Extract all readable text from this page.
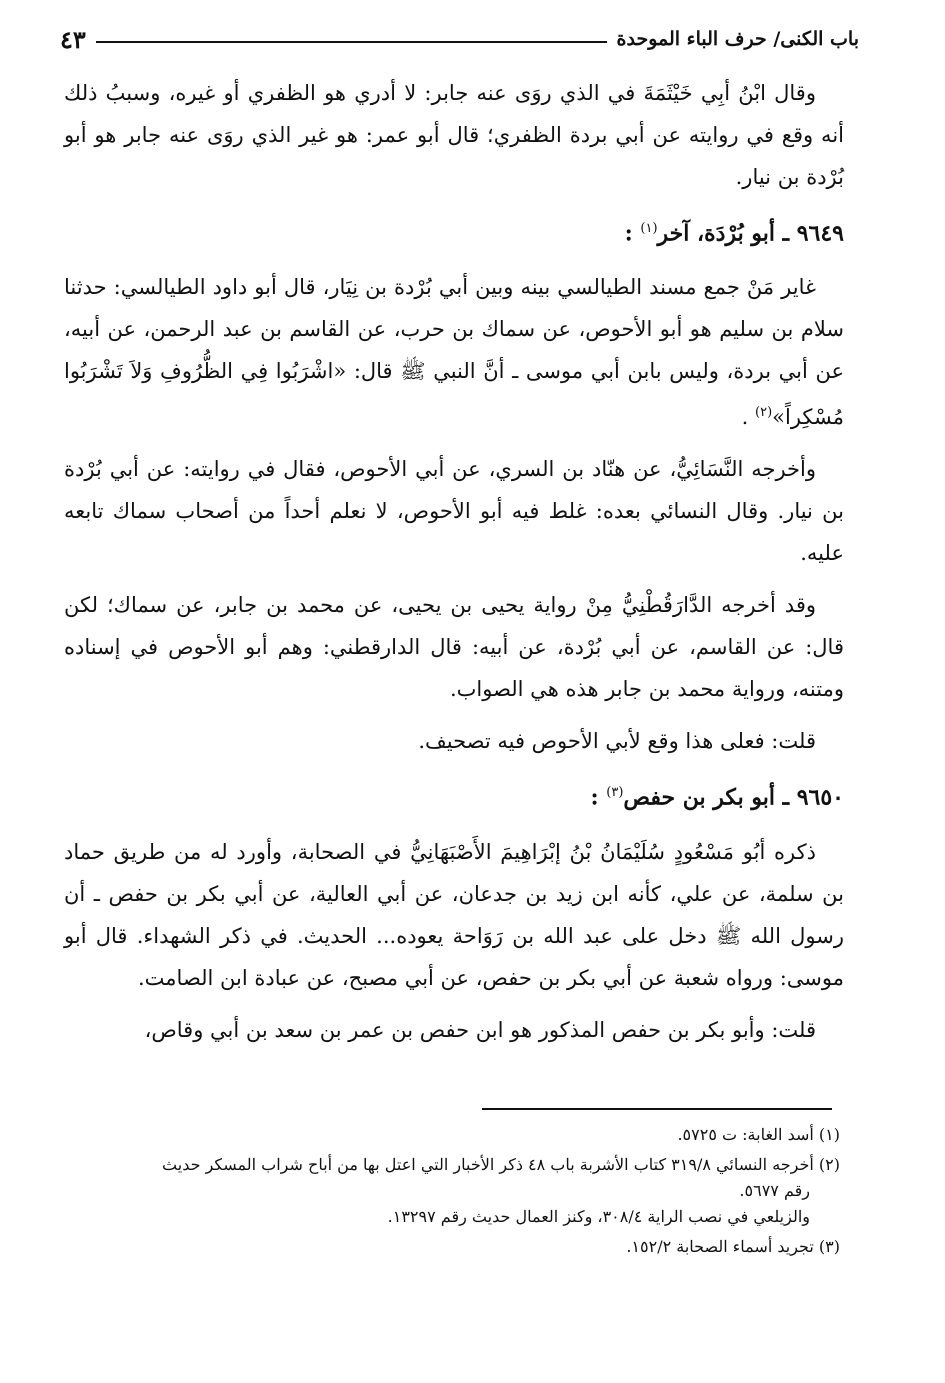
باب الكنى/ حرف الباء الموحدة
٤٣

وقال ابْنُ أبِي خَيْثَمَةَ في الذي روَى عنه جابر: لا أدري هو الظفري أو غيره، وسببُ ذلك أنه وقع في روايته عن أبي بردة الظفري؛ قال أبو عمر: هو غير الذي روَى عنه جابر هو أبو بُرْدة بن نيار.

٩٦٤٩ ـ أبو بُرْدَة، آخر$^{(١)}$ :

غاير مَنْ جمع مسند الطيالسي بينه وبين أبي بُرْدة بن نِيَار، قال أبو داود الطيالسي: حدثنا سلام بن سليم هو أبو الأحوص، عن سماك بن حرب، عن القاسم بن عبد الرحمن، عن أبيه، عن أبي بردة، وليس بابن أبي موسى ـ أنَّ النبي ﷺ قال: «اشْرَبُوا فِي الظُّرُوفِ وَلاَ تَشْرَبُوا مُسْكِراً»$^{(٢)}$ .

وأخرجه النَّسَائِيُّ، عن هنّاد بن السري، عن أبي الأحوص، فقال في روايته: عن أبي بُرْدة بن نيار. وقال النسائي بعده: غلط فيه أبو الأحوص، لا نعلم أحداً من أصحاب سماك تابعه عليه.

وقد أخرجه الدَّارَقُطْنِيُّ مِنْ رواية يحيى بن يحيى، عن محمد بن جابر، عن سماك؛ لكن قال: عن القاسم، عن أبي بُرْدة، عن أبيه: قال الدارقطني: وهم أبو الأحوص في إسناده ومتنه، ورواية محمد بن جابر هذه هي الصواب.

قلت: فعلى هذا وقع لأبي الأحوص فيه تصحيف.

٩٦٥٠ ـ أبو بكر بن حفص$^{(٣)}$ :

ذكره أبُو مَسْعُودٍ سُلَيْمَانُ بْنُ إبْرَاهِيمَ الأَصْبَهَانِيُّ في الصحابة، وأورد له من طريق حماد بن سلمة، عن علي، كأنه ابن زيد بن جدعان، عن أبي العالية، عن أبي بكر بن حفص ـ أن رسول الله ﷺ دخل على عبد الله بن رَوَاحة يعوده... الحديث. في ذكر الشهداء. قال أبو موسى: ورواه شعبة عن أبي بكر بن حفص، عن أبي مصبح، عن عبادة ابن الصامت.

قلت: وأبو بكر بن حفص المذكور هو ابن حفص بن عمر بن سعد بن أبي وقاص،

(١) أسد الغابة: ت ٥٧٢٥.

(٢) أخرجه النسائي ٣١٩/٨ كتاب الأشربة باب ٤٨ ذكر الأخبار التي اعتل بها من أباح شراب المسكر حديث
رقم ٥٦٧٧.
والزيلعي في نصب الراية ٣٠٨/٤، وكنز العمال حديث رقم ١٣٢٩٧.

(٣) تجريد أسماء الصحابة ١٥٢/٢.
